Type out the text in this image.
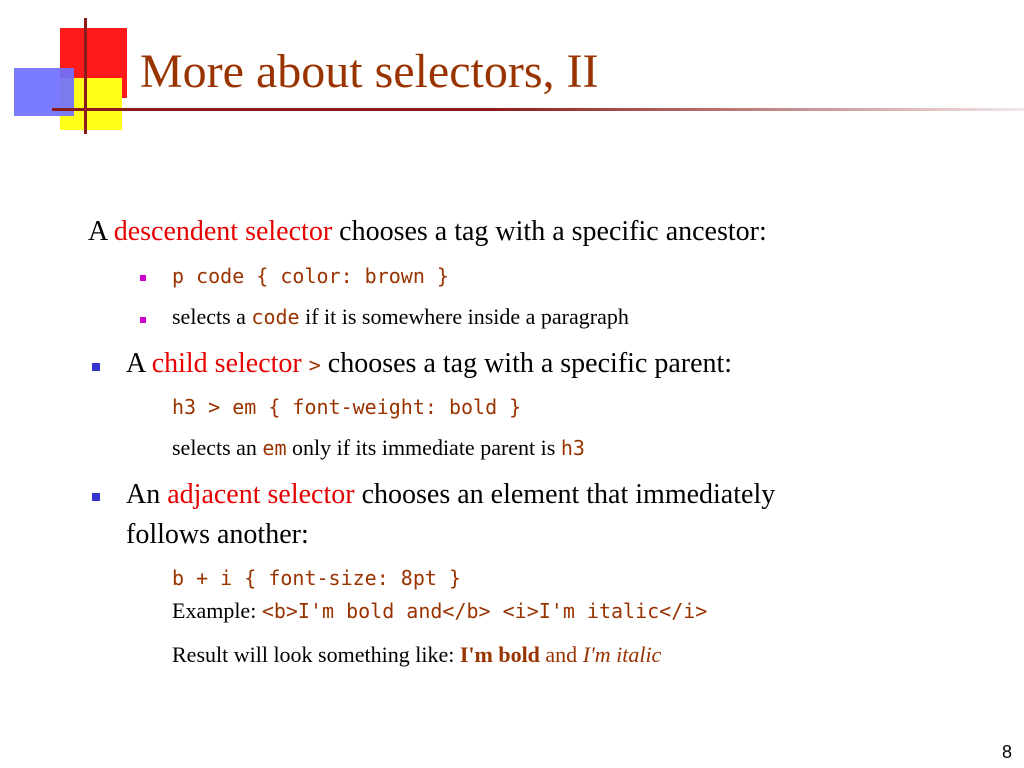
More about selectors, II
A descendent selector chooses a tag with a specific ancestor:
p code { color: brown }
selects a code if it is somewhere inside a paragraph
A child selector > chooses a tag with a specific parent:
h3 > em { font-weight: bold }
selects an em only if its immediate parent is h3
An adjacent selector chooses an element that immediately
follows another:
b + i { font-size: 8pt }
Example: <b>I'm bold and</b> <i>I'm italic</i>
Result will look something like: I'm bold and I'm italic
8
